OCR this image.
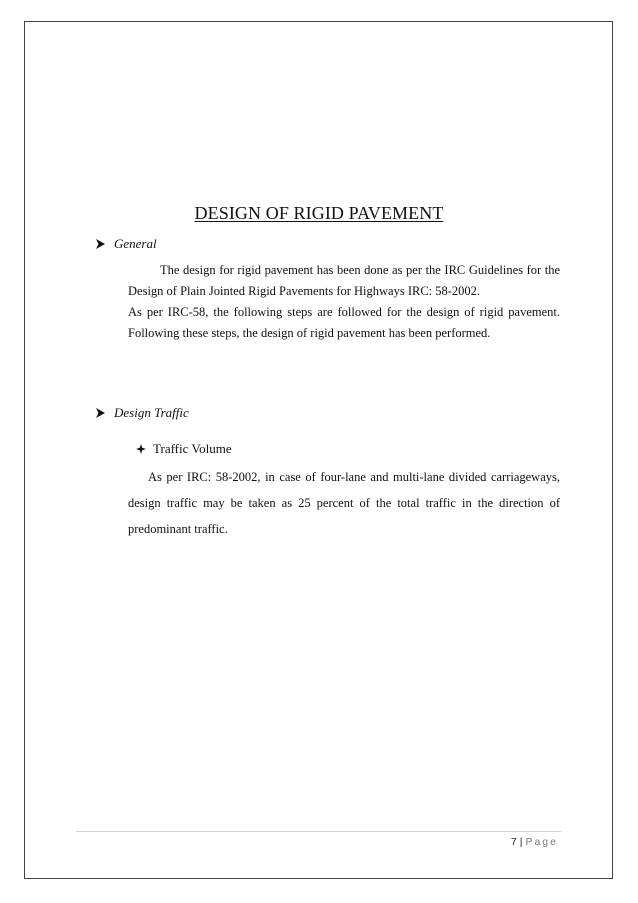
DESIGN OF RIGID PAVEMENT
General

The design for rigid pavement has been done as per the IRC Guidelines for the Design of Plain Jointed Rigid Pavements for Highways IRC: 58-2002.

As per IRC-58, the following steps are followed for the design of rigid pavement. Following these steps, the design of rigid pavement has been performed.

Design Traffic
Traffic Volume

As per IRC: 58-2002, in case of four-lane and multi-lane divided carriageways, design traffic may be taken as 25 percent of the total traffic in the direction of predominant traffic.

7 | Page
